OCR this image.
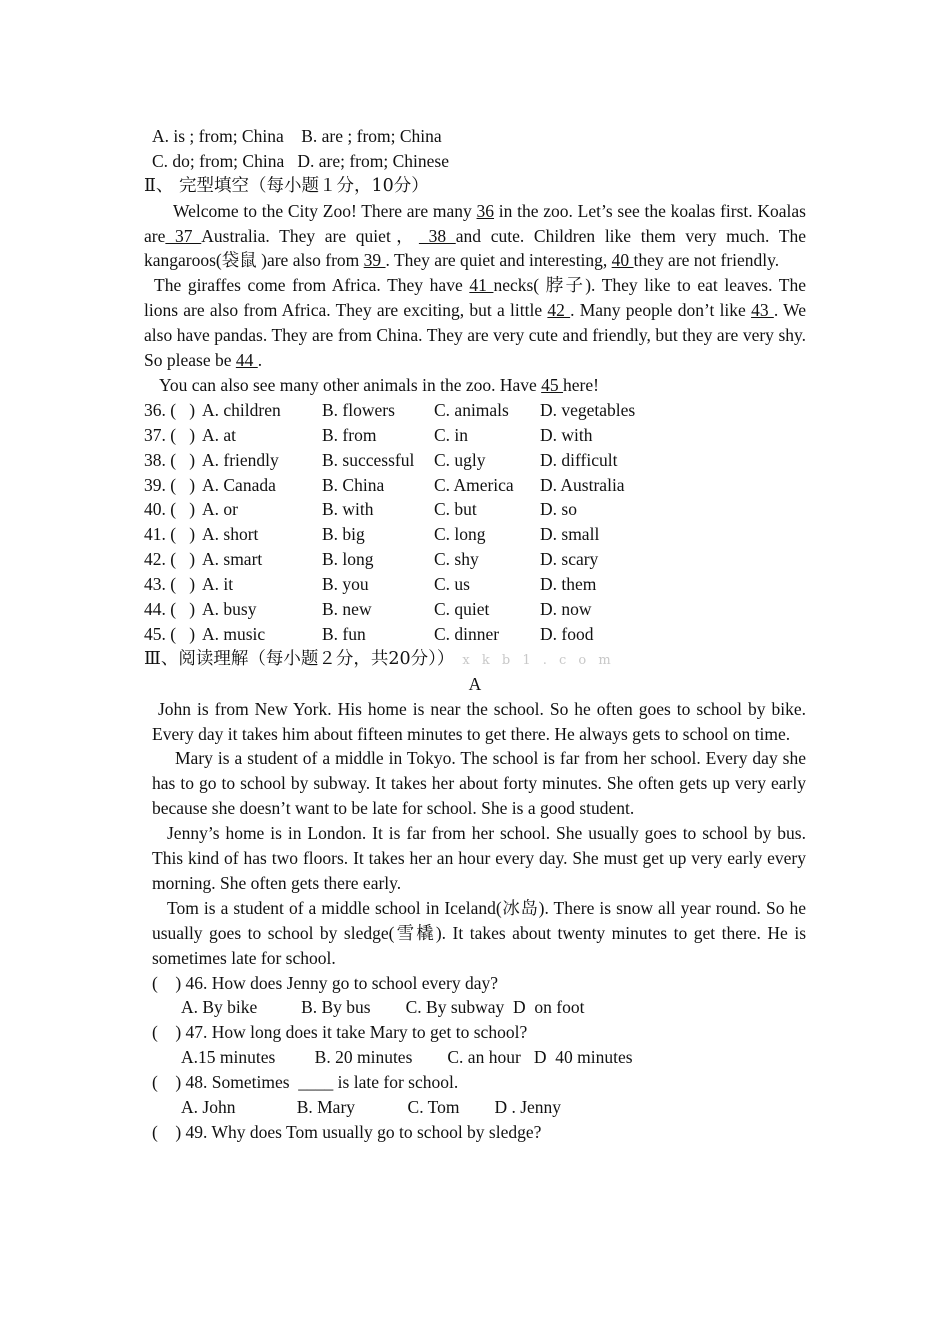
A. is ; from; China    B. are ; from; China
C. do; from; China   D. are; from; Chinese
Ⅱ、 完型填空（每小题１分，10分）
Welcome to the City Zoo! There are many 36 in the zoo. Let’s see the koalas first. Koalas are 37 Australia. They are quiet， 38 and cute. Children like them very much. The kangaroos(袋鼠 )are also from 39 . They are quiet and interesting, 40 they are not friendly.
The giraffes come from Africa. They have 41 necks( 脖子). They like to eat leaves. The lions are also from Africa. They are exciting, but a little 42 . Many people don’t like 43 . We also have pandas. They are from China. They are very cute and friendly, but they are very shy. So please be 44 .
You can also see many other animals in the zoo. Have 45 here!
36. (   ) A. children	B. flowers	C. animals	D. vegetables
37. (   ) A. at	B. from	C. in	D. with
38. (   ) A. friendly	B. successful	C. ugly	D. difficult
39. (   ) A. Canada	B. China	C. America	D. Australia
40. (   ) A. or	B. with	C. but	D. so
41. (   ) A. short	B. big	C. long	D. small
42. (   ) A. smart	B. long	C. shy	D. scary
43. (   ) A. it	B. you	C. us	D. them
44. (   ) A. busy	B. new	C. quiet	D. now
45. (   ) A. music	B. fun	C. dinner	D. food
Ⅲ、阅读理解（每小题２分，共20分）） x k b 1 . c o m
A
John is from New York. His home is near the school. So he often goes to school by bike. Every day it takes him about fifteen minutes to get there. He always gets to school on time.
Mary is a student of a middle in Tokyo. The school is far from her school. Every day she has to go to school by subway. It takes her about forty minutes. She often gets up very early because she doesn’t want to be late for school. She is a good student.
Jenny’s home is in London. It is far from her school. She usually goes to school by bus. This kind of has two floors. It takes her an hour every day. She must get up very early every morning. She often gets there early.
Tom is a student of a middle school in Iceland(冰岛). There is snow all year round. So he usually goes to school by sledge(雪橇). It takes about twenty minutes to get there. He is sometimes late for school.
(    ) 46. How does Jenny go to school every day?
A. By bike          B. By bus        C. By subway  D  on foot
(    ) 47. How long does it take Mary to get to school?
A.15 minutes         B. 20 minutes        C. an hour   D  40 minutes
(    ) 48. Sometimes  ____ is late for school.
A. John              B. Mary            C. Tom        D . Jenny
(    ) 49. Why does Tom usually go to school by sledge?
